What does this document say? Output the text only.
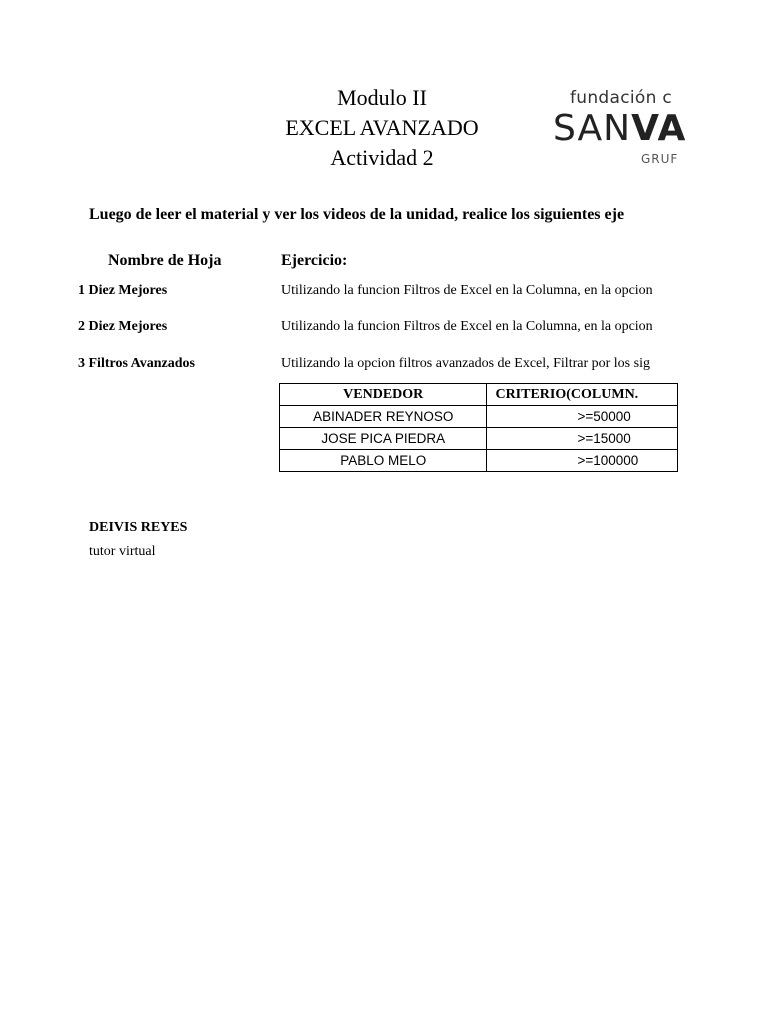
Modulo II
EXCEL AVANZADO
Actividad 2
fundación c
SANVA
GRUF
Luego de leer el material y ver los videos de la unidad, realice los siguientes eje
Nombre de Hoja	Ejercicio:
1 Diez Mejores	Utilizando la funcion Filtros de Excel en la Columna, en la opcion
2 Diez Mejores	Utilizando la funcion Filtros de Excel en la Columna, en la opcion
3 Filtros Avanzados	Utilizando la opcion filtros avanzados de Excel, Filtrar por los sig
VENDEDOR	CRITERIO(COLUMN.
ABINADER REYNOSO	>=50000
JOSE PICA PIEDRA	>=15000
PABLO MELO	>=100000
DEIVIS REYES
tutor virtual
